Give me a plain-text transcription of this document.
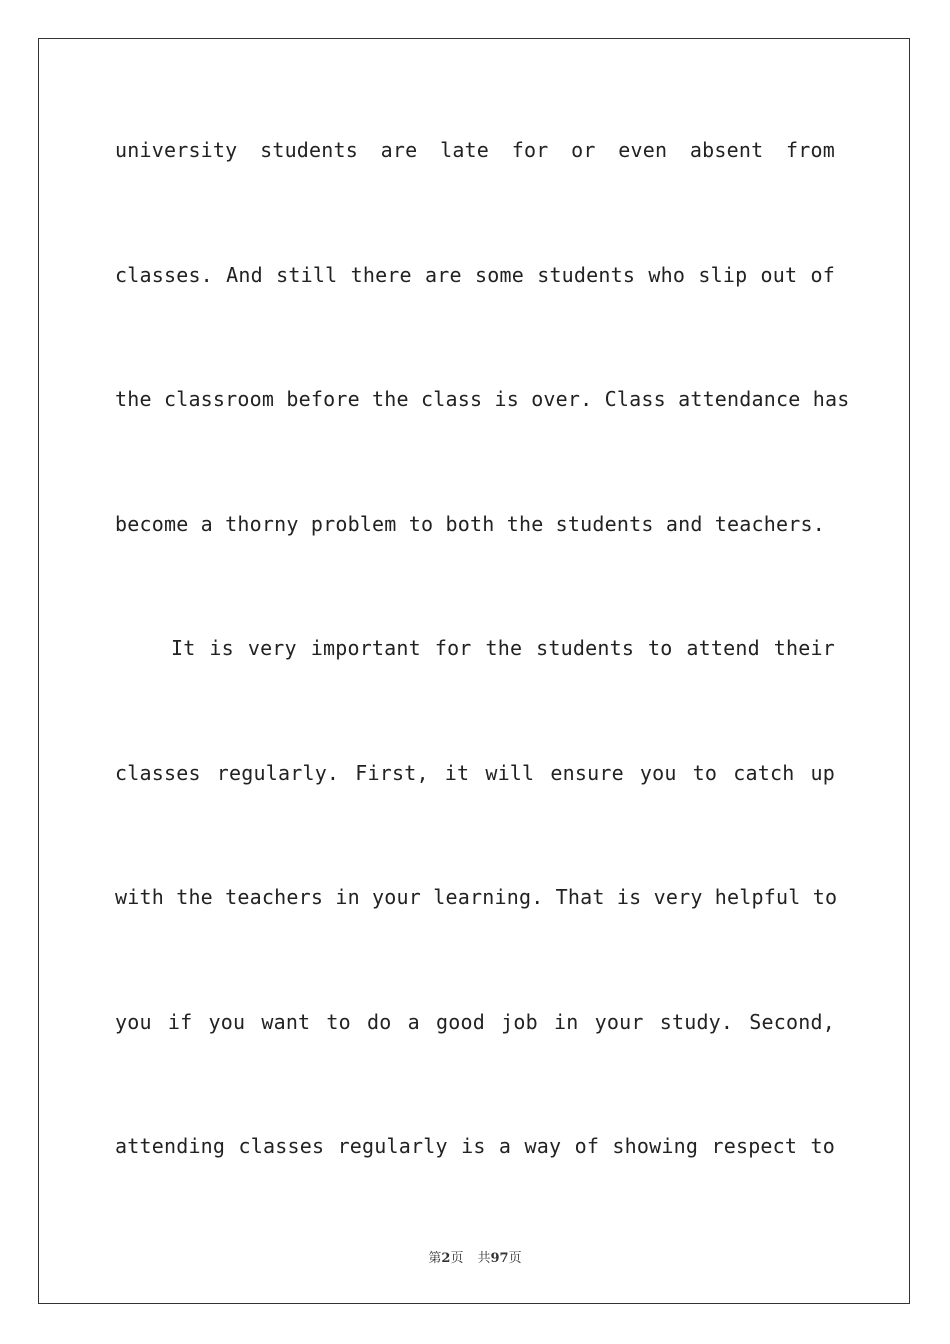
university students are late for or even absent from
classes. And still there are some students who slip out of
the classroom before the class is over. Class attendance has
become a thorny problem to both the students and teachers.
It is very important for the students to attend their
classes regularly. First, it will ensure you to catch up
with the teachers in your learning. That is very helpful to
you if you want to do a good job in your study. Second,
attending classes regularly is a way of showing respect to
第2页 共97页
